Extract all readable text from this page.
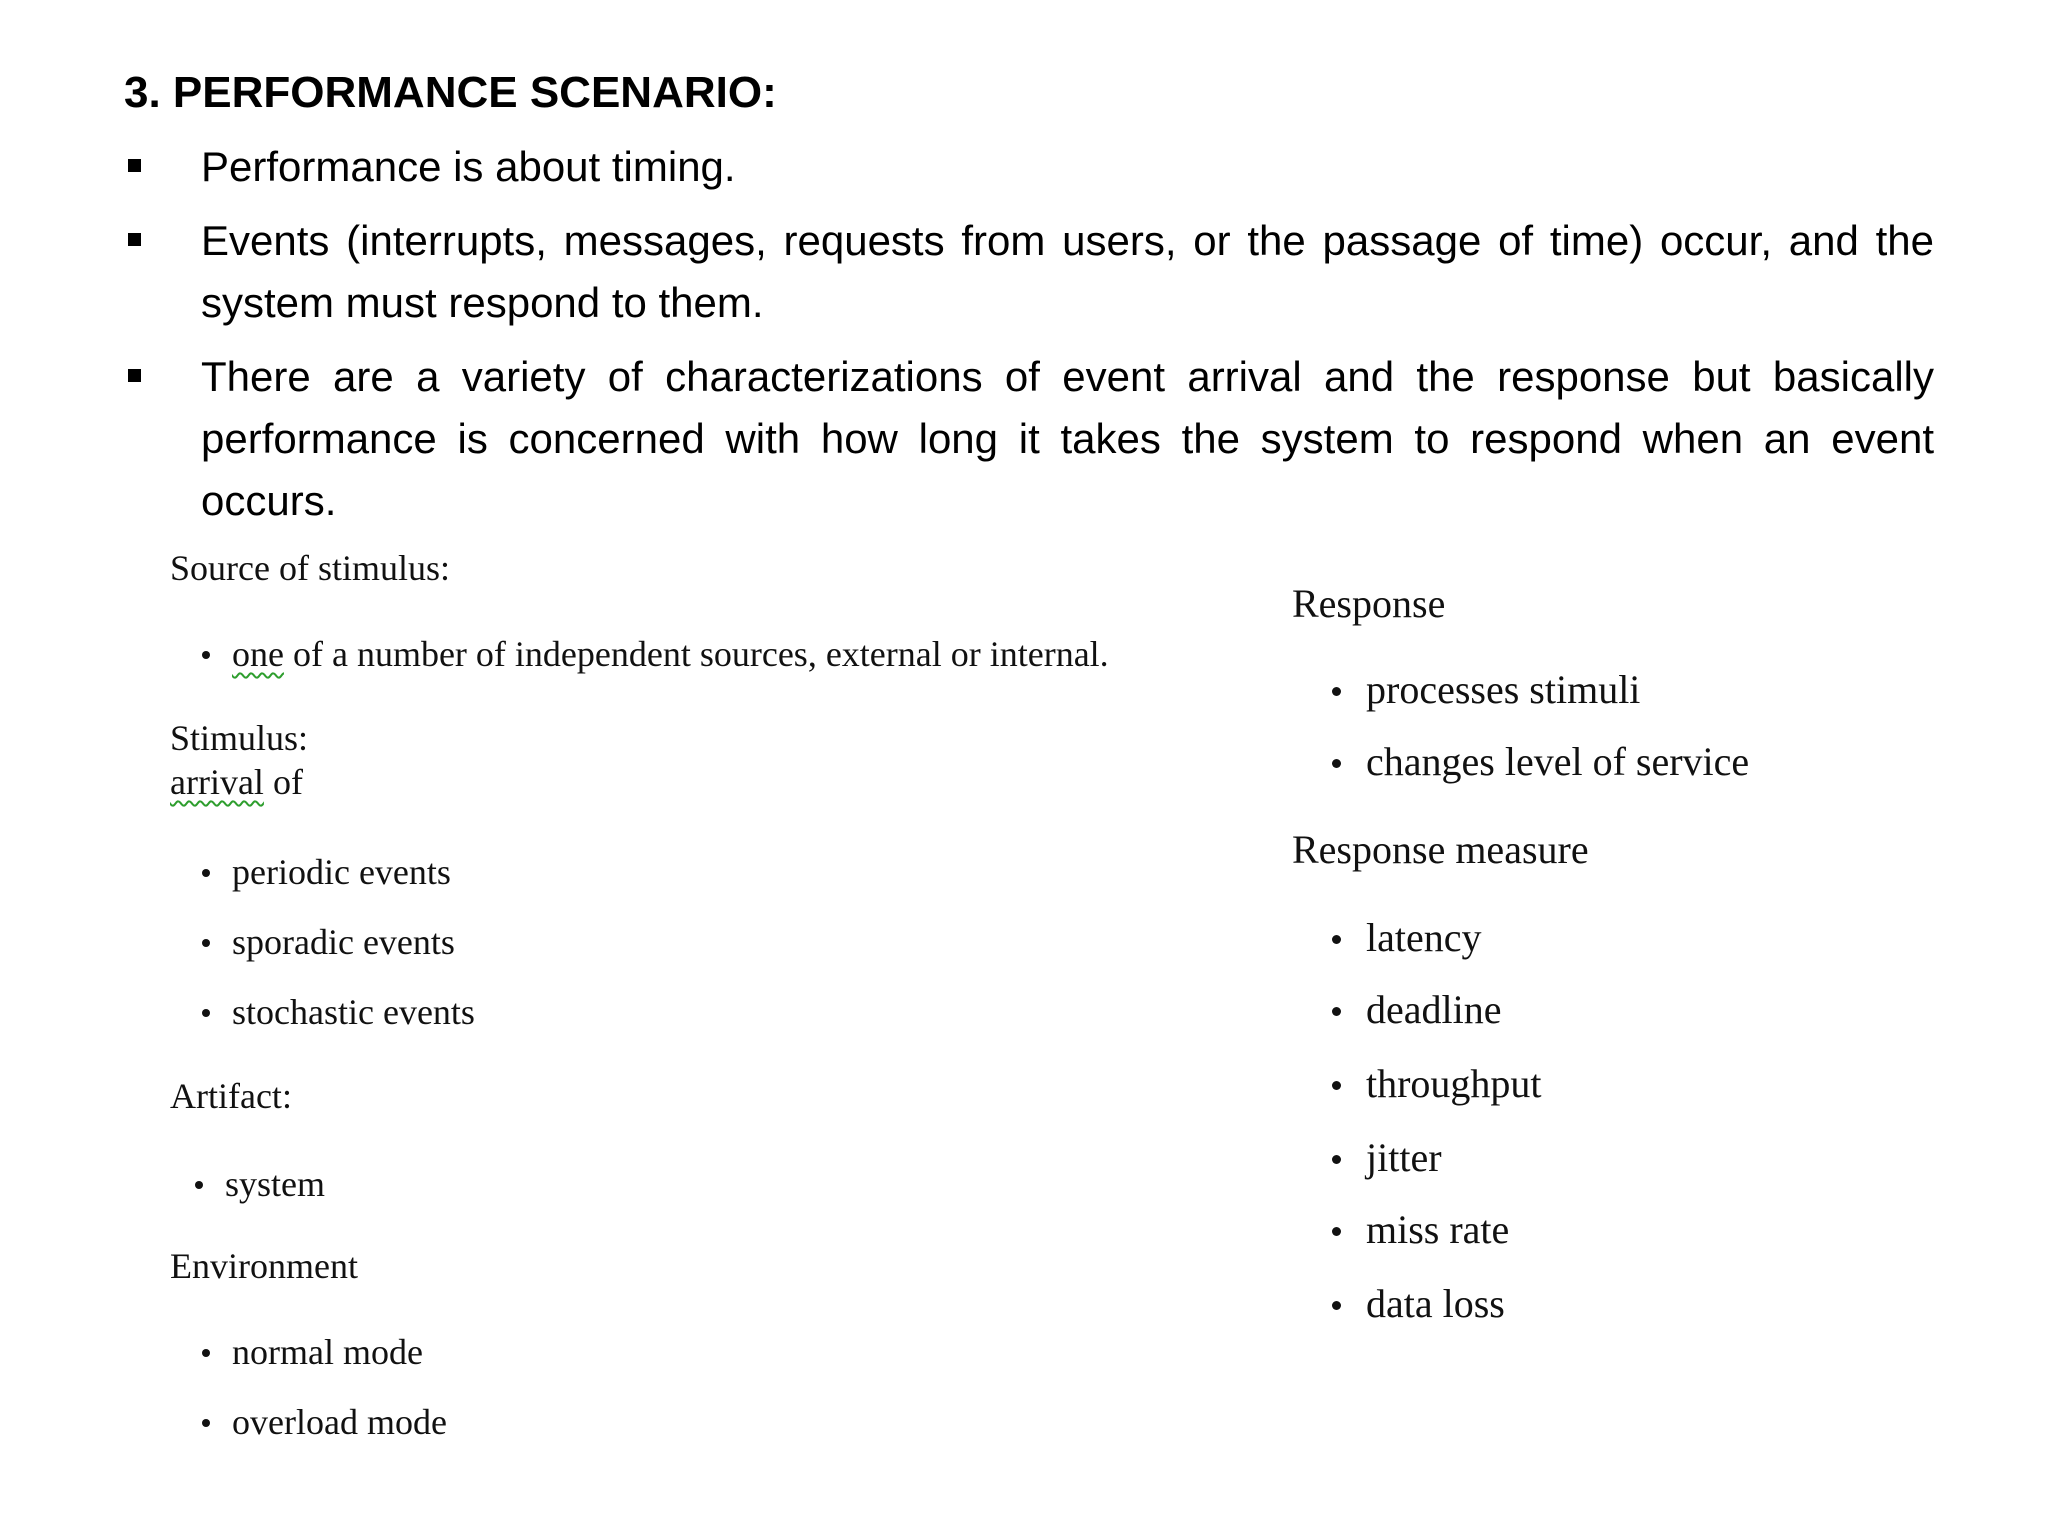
3. PERFORMANCE SCENARIO:
Performance is about timing.
Events (interrupts, messages, requests from users, or the passage of time) occur, and the system must respond to them.
There are a variety of characterizations of event arrival and the response but basically performance is concerned with how long it takes the system to respond when an event occurs.
Source of stimulus:
one of a number of independent sources, external or internal.
Stimulus:
arrival of
periodic events
sporadic events
stochastic events
Artifact:
system
Environment
normal mode
overload mode
Response
processes stimuli
changes level of service
Response measure
latency
deadline
throughput
jitter
miss rate
data loss
